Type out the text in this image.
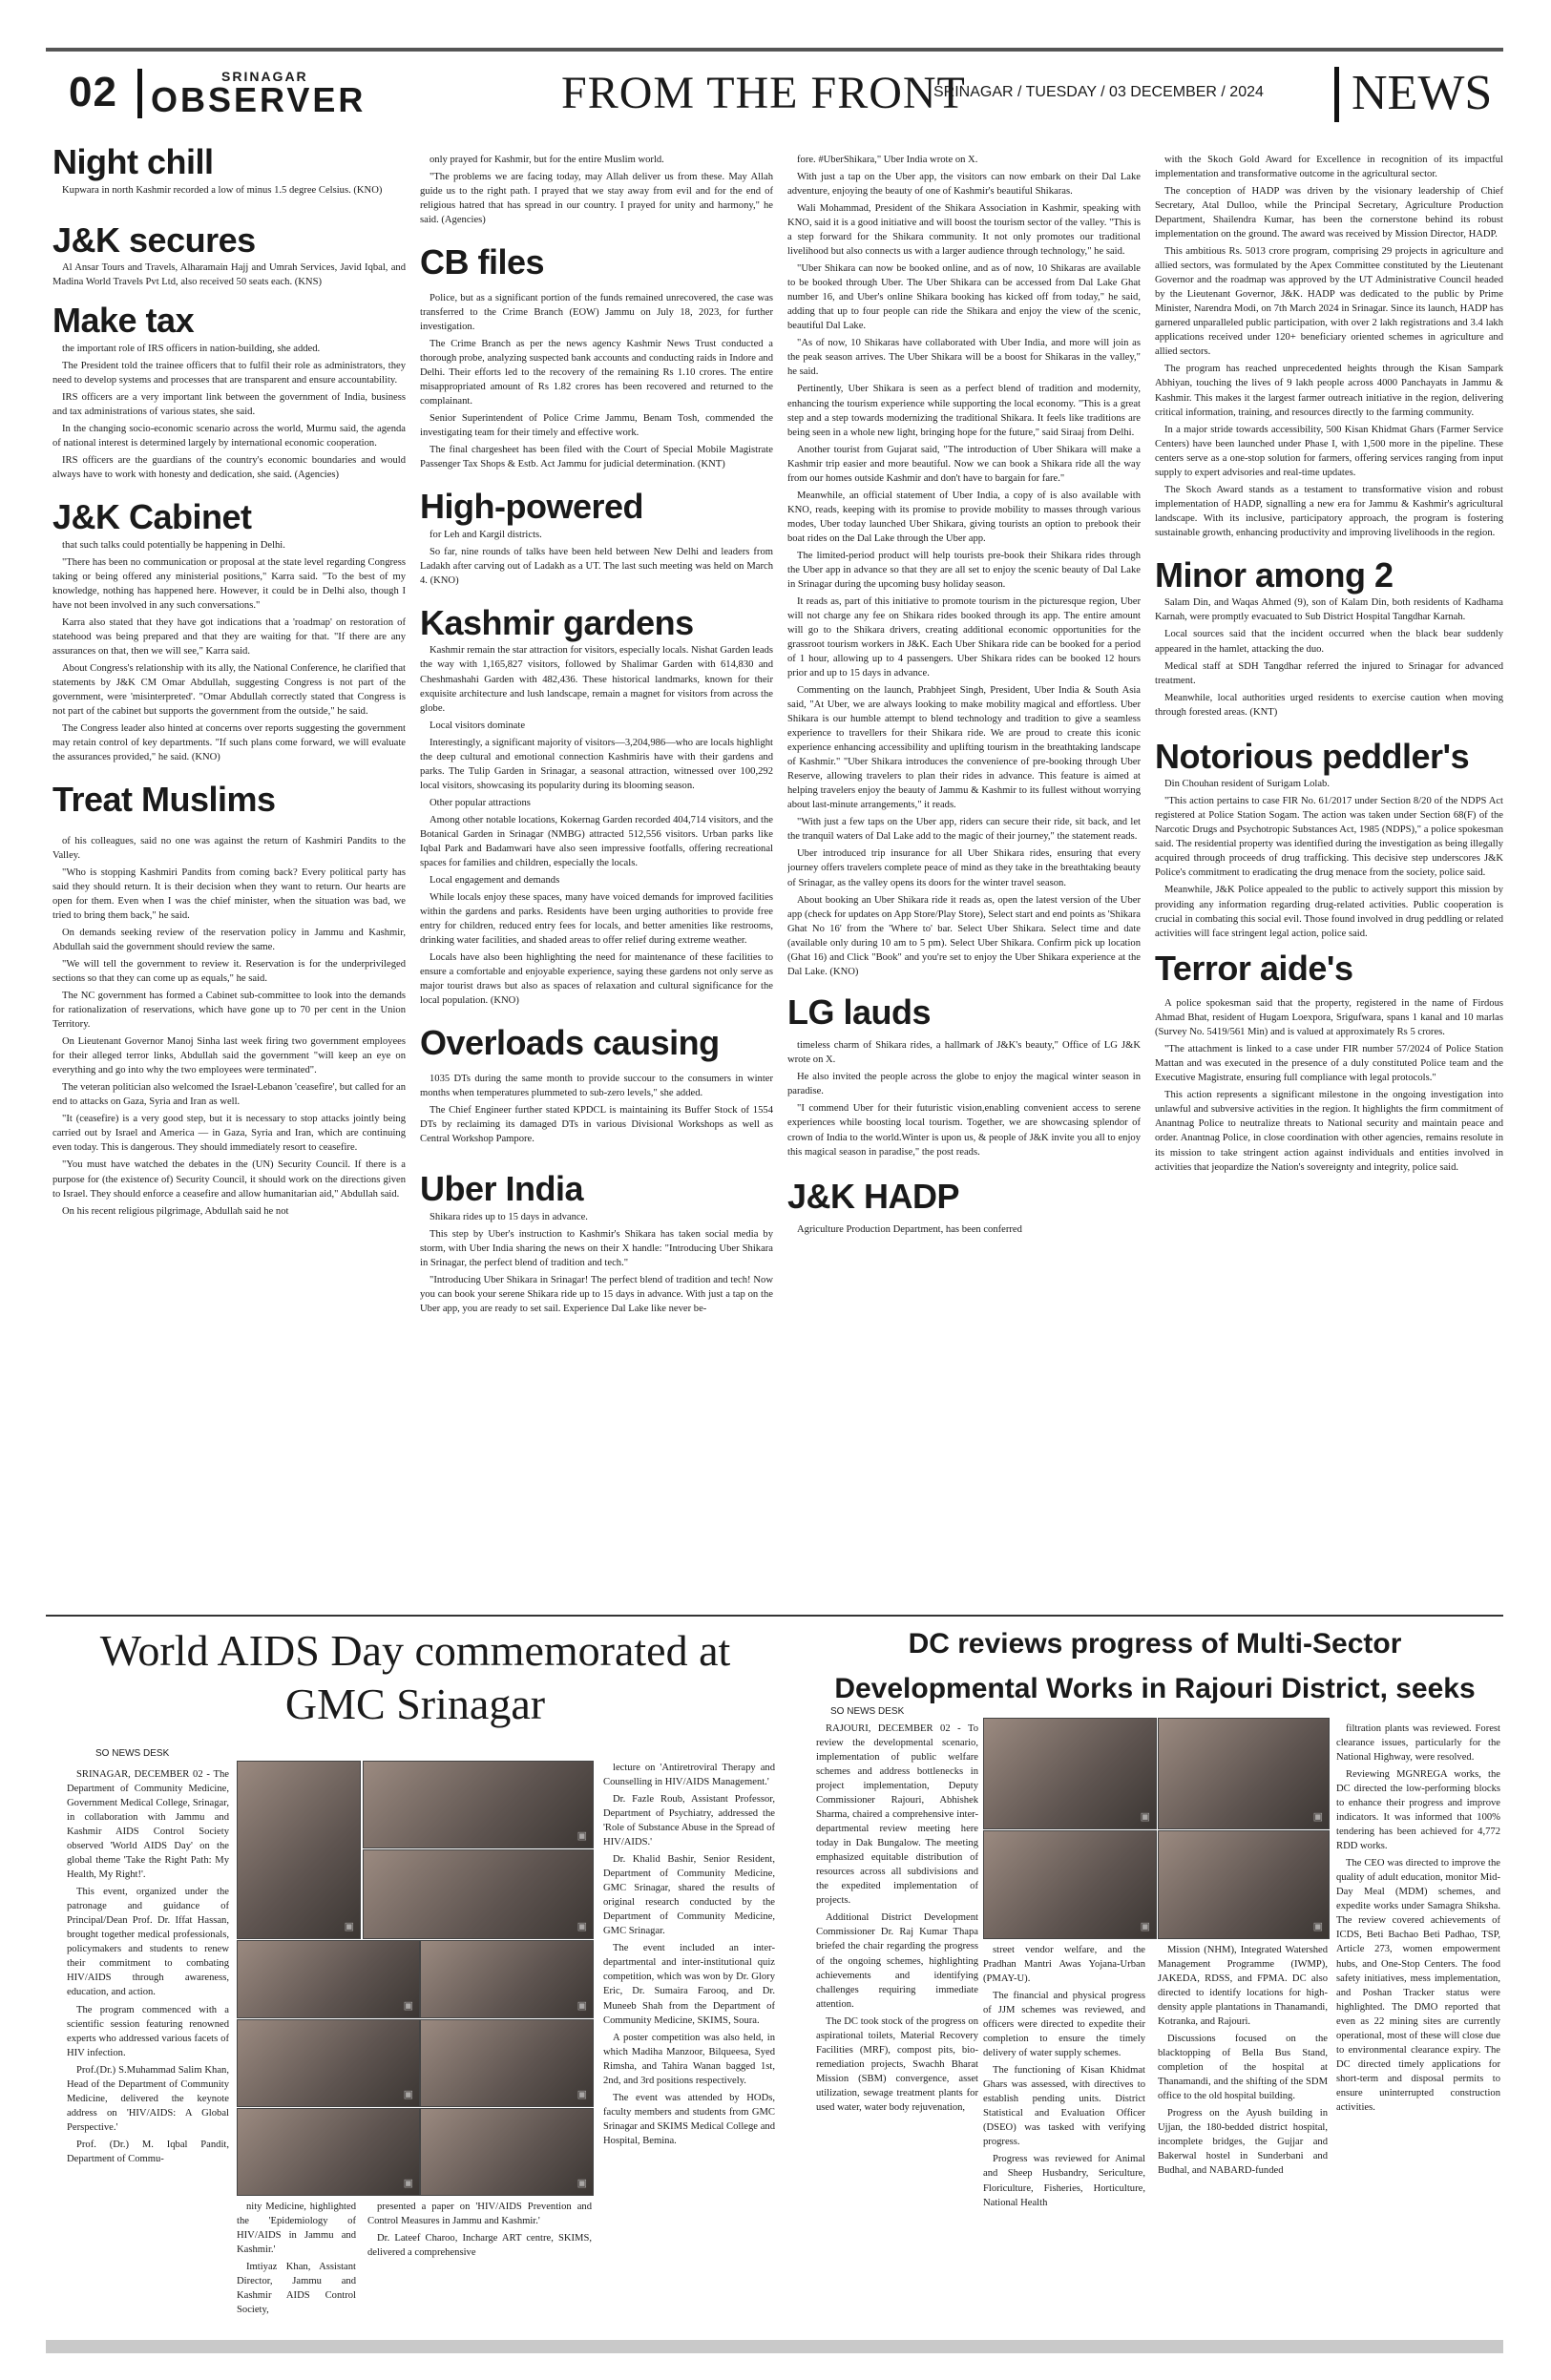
02	SRINAGAR
OBSERVER	FROM THE FRONT
SRINAGAR / TUESDAY / 03 DECEMBER / 2024 NEWS
Night chill

Kupwara in north Kashmir recorded a low of minus 1.5 degree Celsius. (KNO)

J&K secures

Al Ansar Tours and Travels, Alharamain Hajj and Umrah Services, Javid Iqbal, and Madina World Travels Pvt Ltd, also received 50 seats each. (KNS)

Make tax

the important role of IRS officers in nation-building, she added.

The President told the trainee officers that to fulfil their role as administrators, they need to develop systems and processes that are transparent and ensure accountability.

IRS officers are a very important link between the government of India, business and tax administrations of various states, she said.

In the changing socio-economic scenario across the world, Murmu said, the agenda of national interest is determined largely by international economic cooperation.

IRS officers are the guardians of the country's economic boundaries and would always have to work with honesty and dedication, she said. (Agencies)

J&K Cabinet

that such talks could potentially be happening in Delhi.

"There has been no communication or proposal at the state level regarding Congress taking or being offered any ministerial positions," Karra said. "To the best of my knowledge, nothing has happened here. However, it could be in Delhi also, though I have not been involved in any such conversations."

Karra also stated that they have got indications that a 'roadmap' on restoration of statehood was being prepared and that they are waiting for that. "If there are any assurances on that, then we will see," Karra said.

About Congress's relationship with its ally, the National Conference, he clarified that statements by J&K CM Omar Abdullah, suggesting Congress is not part of the government, were 'misinterpreted'. "Omar Abdullah correctly stated that Congress is not part of the cabinet but supports the government from the outside," he said.

The Congress leader also hinted at concerns over reports suggesting the government may retain control of key departments. "If such plans come forward, we will evaluate the assurances provided," he said. (KNO)

Treat Muslims

of his colleagues, said no one was against the return of Kashmiri Pandits to the Valley.

"Who is stopping Kashmiri Pandits from coming back? Every political party has said they should return. It is their decision when they want to return. Our hearts are open for them. Even when I was the chief minister, when the situation was bad, we tried to bring them back," he said.

On demands seeking review of the reservation policy in Jammu and Kashmir, Abdullah said the government should review the same.

"We will tell the government to review it. Reservation is for the underprivileged sections so that they can come up as equals," he said.

The NC government has formed a Cabinet sub-committee to look into the demands for rationalization of reservations, which have gone up to 70 per cent in the Union Territory.

On Lieutenant Governor Manoj Sinha last week firing two government employees for their alleged terror links, Abdullah said the government "will keep an eye on everything and go into why the two employees were terminated".

The veteran politician also welcomed the Israel-Lebanon 'ceasefire', but called for an end to attacks on Gaza, Syria and Iran as well.

"It (ceasefire) is a very good step, but it is necessary to stop attacks jointly being carried out by Israel and America — in Gaza, Syria and Iran, which are continuing even today. This is dangerous. They should immediately resort to ceasefire.

"You must have watched the debates in the (UN) Security Council. If there is a purpose for (the existence of) Security Council, it should work on the directions given to Israel. They should enforce a ceasefire and allow humanitarian aid," Abdullah said.

On his recent religious pilgrimage, Abdullah said he not

only prayed for Kashmir, but for the entire Muslim world.

"The problems we are facing today, may Allah deliver us from these. May Allah guide us to the right path. I prayed that we stay away from evil and for the end of religious hatred that has spread in our country. I prayed for unity and harmony," he said. (Agencies)

CB files

Police, but as a significant portion of the funds remained unrecovered, the case was transferred to the Crime Branch (EOW) Jammu on July 18, 2023, for further investigation.

The Crime Branch as per the news agency Kashmir News Trust conducted a thorough probe, analyzing suspected bank accounts and conducting raids in Indore and Delhi. Their efforts led to the recovery of the remaining Rs 1.10 crores. The entire misappropriated amount of Rs 1.82 crores has been recovered and returned to the complainant.

Senior Superintendent of Police Crime Jammu, Benam Tosh, commended the investigating team for their timely and effective work.

The final chargesheet has been filed with the Court of Special Mobile Magistrate Passenger Tax Shops & Estb. Act Jammu for judicial determination. (KNT)

High-powered

for Leh and Kargil districts.

So far, nine rounds of talks have been held between New Delhi and leaders from Ladakh after carving out of Ladakh as a UT. The last such meeting was held on March 4. (KNO)

Kashmir gardens

Kashmir remain the star attraction for visitors, especially locals. Nishat Garden leads the way with 1,165,827 visitors, followed by Shalimar Garden with 614,830 and Cheshmashahi Garden with 482,436. These historical landmarks, known for their exquisite architecture and lush landscape, remain a magnet for visitors from across the globe.

Local visitors dominate

Interestingly, a significant majority of visitors—3,204,986—who are locals highlight the deep cultural and emotional connection Kashmiris have with their gardens and parks. The Tulip Garden in Srinagar, a seasonal attraction, witnessed over 100,292 local visitors, showcasing its popularity during its blooming season.

Other popular attractions

Among other notable locations, Kokernag Garden recorded 404,714 visitors, and the Botanical Garden in Srinagar (NMBG) attracted 512,556 visitors. Urban parks like Iqbal Park and Badamwari have also seen impressive footfalls, offering recreational spaces for families and children, especially the locals.

Local engagement and demands

While locals enjoy these spaces, many have voiced demands for improved facilities within the gardens and parks. Residents have been urging authorities to provide free entry for children, reduced entry fees for locals, and better amenities like restrooms, drinking water facilities, and shaded areas to offer relief during extreme weather.

Locals have also been highlighting the need for maintenance of these facilities to ensure a comfortable and enjoyable experience, saying these gardens not only serve as major tourist draws but also as spaces of relaxation and cultural significance for the local population. (KNO)

Overloads causing

1035 DTs during the same month to provide succour to the consumers in winter months when temperatures plummeted to sub-zero levels," she added.

The Chief Engineer further stated KPDCL is maintaining its Buffer Stock of 1554 DTs by reclaiming its damaged DTs in various Divisional Workshops as well as Central Workshop Pampore.

Uber India

Shikara rides up to 15 days in advance.

This step by Uber's instruction to Kashmir's Shikara has taken social media by storm, with Uber India sharing the news on their X handle: "Introducing Uber Shikara in Srinagar, the perfect blend of tradition and tech."

"Introducing Uber Shikara in Srinagar! The perfect blend of tradition and tech! Now you can book your serene Shikara ride up to 15 days in advance. With just a tap on the Uber app, you are ready to set sail. Experience Dal Lake like never be-

fore. #UberShikara," Uber India wrote on X.

With just a tap on the Uber app, the visitors can now embark on their Dal Lake adventure, enjoying the beauty of one of Kashmir's beautiful Shikaras.

Wali Mohammad, President of the Shikara Association in Kashmir, speaking with KNO, said it is a good initiative and will boost the tourism sector of the valley. "This is a step forward for the Shikara community. It not only promotes our traditional livelihood but also connects us with a larger audience through technology," he said.

"Uber Shikara can now be booked online, and as of now, 10 Shikaras are available to be booked through Uber. The Uber Shikara can be accessed from Dal Lake Ghat number 16, and Uber's online Shikara booking has kicked off from today," he said, adding that up to four people can ride the Shikara and enjoy the view of the scenic, beautiful Dal Lake.

"As of now, 10 Shikaras have collaborated with Uber India, and more will join as the peak season arrives. The Uber Shikara will be a boost for Shikaras in the valley," he said.

Pertinently, Uber Shikara is seen as a perfect blend of tradition and modernity, enhancing the tourism experience while supporting the local economy. "This is a great step and a step towards modernizing the traditional Shikara. It feels like traditions are being seen in a whole new light, bringing hope for the future," said Siraaj from Delhi.

Another tourist from Gujarat said, "The introduction of Uber Shikara will make a Kashmir trip easier and more beautiful. Now we can book a Shikara ride all the way from our homes outside Kashmir and don't have to bargain for fare."

Meanwhile, an official statement of Uber India, a copy of is also available with KNO, reads, keeping with its promise to provide mobility to masses through various modes, Uber today launched Uber Shikara, giving tourists an option to prebook their boat rides on the Dal Lake through the Uber app.

The limited-period product will help tourists pre-book their Shikara rides through the Uber app in advance so that they are all set to enjoy the scenic beauty of Dal Lake in Srinagar during the upcoming busy holiday season.

It reads as, part of this initiative to promote tourism in the picturesque region, Uber will not charge any fee on Shikara rides booked through its app. The entire amount will go to the Shikara drivers, creating additional economic opportunities for the grassroot tourism workers in J&K. Each Uber Shikara ride can be booked for a period of 1 hour, allowing up to 4 passengers. Uber Shikara rides can be booked 12 hours prior and up to 15 days in advance.

Commenting on the launch, Prabhjeet Singh, President, Uber India & South Asia said, "At Uber, we are always looking to make mobility magical and effortless. Uber Shikara is our humble attempt to blend technology and tradition to give a seamless experience to travellers for their Shikara ride. We are proud to create this iconic experience enhancing accessibility and uplifting tourism in the breathtaking landscape of Kashmir." "Uber Shikara introduces the convenience of pre-booking through Uber Reserve, allowing travelers to plan their rides in advance. This feature is aimed at helping travelers enjoy the beauty of Jammu & Kashmir to its fullest without worrying about last-minute arrangements," it reads.

"With just a few taps on the Uber app, riders can secure their ride, sit back, and let the tranquil waters of Dal Lake add to the magic of their journey," the statement reads.

Uber introduced trip insurance for all Uber Shikara rides, ensuring that every journey offers travelers complete peace of mind as they take in the breathtaking beauty of Srinagar, as the valley opens its doors for the winter travel season.

About booking an Uber Shikara ride it reads as, open the latest version of the Uber app (check for updates on App Store/Play Store), Select start and end points as 'Shikara Ghat No 16' from the 'Where to' bar. Select Uber Shikara. Select time and date (available only during 10 am to 5 pm). Select Uber Shikara. Confirm pick up location (Ghat 16) and Click "Book" and you're set to enjoy the Uber Shikara experience at the Dal Lake. (KNO)

LG lauds

timeless charm of Shikara rides, a hallmark of J&K's beauty," Office of LG J&K wrote on X.

He also invited the people across the globe to enjoy the magical winter season in paradise.

"I commend Uber for their futuristic vision,enabling convenient access to serene experiences while boosting local tourism. Together, we are showcasing splendor of crown of India to the world.Winter is upon us, & people of J&K invite you all to enjoy this magical season in paradise," the post reads.

J&K HADP

Agriculture Production Department, has been conferred

with the Skoch Gold Award for Excellence in recognition of its impactful implementation and transformative outcome in the agricultural sector.

The conception of HADP was driven by the visionary leadership of Chief Secretary, Atal Dulloo, while the Principal Secretary, Agriculture Production Department, Shailendra Kumar, has been the cornerstone behind its robust implementation on the ground. The award was received by Mission Director, HADP.

This ambitious Rs. 5013 crore program, comprising 29 projects in agriculture and allied sectors, was formulated by the Apex Committee constituted by the Lieutenant Governor and the roadmap was approved by the UT Administrative Council headed by the Lieutenant Governor, J&K. HADP was dedicated to the public by Prime Minister, Narendra Modi, on 7th March 2024 in Srinagar. Since its launch, HADP has garnered unparalleled public participation, with over 2 lakh registrations and 3.4 lakh applications received under 120+ beneficiary oriented schemes in agriculture and allied sectors.

The program has reached unprecedented heights through the Kisan Sampark Abhiyan, touching the lives of 9 lakh people across 4000 Panchayats in Jammu & Kashmir. This makes it the largest farmer outreach initiative in the region, delivering critical information, training, and resources directly to the farming community.

In a major stride towards accessibility, 500 Kisan Khidmat Ghars (Farmer Service Centers) have been launched under Phase I, with 1,500 more in the pipeline. These centers serve as a one-stop solution for farmers, offering services ranging from input supply to expert advisories and real-time updates.

The Skoch Award stands as a testament to transformative vision and robust implementation of HADP, signalling a new era for Jammu & Kashmir's agricultural landscape. With its inclusive, participatory approach, the program is fostering sustainable growth, enhancing productivity and improving livelihoods in the region.

Minor among 2

Salam Din, and Waqas Ahmed (9), son of Kalam Din, both residents of Kadhama Karnah, were promptly evacuated to Sub District Hospital Tangdhar Karnah.

Local sources said that the incident occurred when the black bear suddenly appeared in the hamlet, attacking the duo.

Medical staff at SDH Tangdhar referred the injured to Srinagar for advanced treatment.

Meanwhile, local authorities urged residents to exercise caution when moving through forested areas. (KNT)

Notorious peddler's

Din Chouhan resident of Surigam Lolab.

"This action pertains to case FIR No. 61/2017 under Section 8/20 of the NDPS Act registered at Police Station Sogam. The action was taken under Section 68(F) of the Narcotic Drugs and Psychotropic Substances Act, 1985 (NDPS)," a police spokesman said. The residential property was identified during the investigation as being illegally acquired through proceeds of drug trafficking. This decisive step underscores J&K Police's commitment to eradicating the drug menace from the society, police said.

Meanwhile, J&K Police appealed to the public to actively support this mission by providing any information regarding drug-related activities. Public cooperation is crucial in combating this social evil. Those found involved in drug peddling or related activities will face stringent legal action, police said.

Terror aide's

A police spokesman said that the property, registered in the name of Firdous Ahmad Bhat, resident of Hugam Loexpora, Srigufwara, spans 1 kanal and 10 marlas (Survey No. 5419/561 Min) and is valued at approximately Rs 5 crores.

"The attachment is linked to a case under FIR number 57/2024 of Police Station Mattan and was executed in the presence of a duly constituted Police team and the Executive Magistrate, ensuring full compliance with legal protocols."

This action represents a significant milestone in the ongoing investigation into unlawful and subversive activities in the region. It highlights the firm commitment of Anantnag Police to neutralize threats to National security and maintain peace and order. Anantnag Police, in close coordination with other agencies, remains resolute in its mission to take stringent action against individuals and entities involved in activities that jeopardize the Nation's sovereignty and integrity, police said.

World AIDS Day commemorated at GMC Srinagar
SO NEWS DESK

SRINAGAR, DECEMBER 02 - The Department of Community Medicine, Government Medical College, Srinagar, in collaboration with Jammu and Kashmir AIDS Control Society observed 'World AIDS Day' on the global theme 'Take the Right Path: My Health, My Right!'.

This event, organized under the patronage and guidance of Principal/Dean Prof. Dr. Iffat Hassan, brought together medical professionals, policymakers and students to renew their commitment to combating HIV/AIDS through awareness, education, and action.

The program commenced with a scientific session featuring renowned experts who addressed various facets of HIV infection.

Prof.(Dr.) S.Muhammad Salim Khan, Head of the Department of Community Medicine, delivered the keynote address on 'HIV/AIDS: A Global Perspective.'

Prof. (Dr.) M. Iqbal Pandit, Department of Commu-

▣
▣
▣
▣	▣
▣	▣
▣	▣

nity Medicine, highlighted the 'Epidemiology of HIV/AIDS in Jammu and Kashmir.'

Imtiyaz Khan, Assistant Director, Jammu and Kashmir AIDS Control Society,

presented a paper on 'HIV/AIDS Prevention and Control Measures in Jammu and Kashmir.'

Dr. Lateef Charoo, Incharge ART centre, SKIMS, delivered a comprehensive

lecture on 'Antiretroviral Therapy and Counselling in HIV/AIDS Management.'

Dr. Fazle Roub, Assistant Professor, Department of Psychiatry, addressed the 'Role of Substance Abuse in the Spread of HIV/AIDS.'

Dr. Khalid Bashir, Senior Resident, Department of Community Medicine, GMC Srinagar, shared the results of original research conducted by the Department of Community Medicine, GMC Srinagar.

The event included an inter-departmental and inter-institutional quiz competition, which was won by Dr. Glory Eric, Dr. Sumaira Farooq, and Dr. Muneeb Shah from the Department of Community Medicine, SKIMS, Soura.

A poster competition was also held, in which Madiha Manzoor, Bilqueesa, Syed Rimsha, and Tahira Wanan bagged 1st, 2nd, and 3rd positions respectively.

The event was attended by HODs, faculty members and students from GMC Srinagar and SKIMS Medical College and Hospital, Bemina.

DC reviews progress of Multi-Sector Developmental Works in Rajouri District, seeks
SO NEWS DESK

RAJOURI, DECEMBER 02 - To review the developmental scenario, implementation of public welfare schemes and address bottlenecks in project implementation, Deputy Commissioner Rajouri, Abhishek Sharma, chaired a comprehensive inter-departmental review meeting here today in Dak Bungalow. The meeting emphasized equitable distribution of resources across all subdivisions and the expedited implementation of projects.

Additional District Development Commissioner Dr. Raj Kumar Thapa briefed the chair regarding the progress of the ongoing schemes, highlighting achievements and identifying challenges requiring immediate attention.

The DC took stock of the progress on aspirational toilets, Material Recovery Facilities (MRF), compost pits, bio-remediation projects, Swachh Bharat Mission (SBM) convergence, asset utilization, sewage treatment plants for used water, water body rejuvenation,

▣	▣
▣	▣

street vendor welfare, and the Pradhan Mantri Awas Yojana-Urban (PMAY-U).

The financial and physical progress of JJM schemes was reviewed, and officers were directed to expedite their completion to ensure the timely delivery of water supply schemes.

The functioning of Kisan Khidmat Ghars was assessed, with directives to establish pending units. District Statistical and Evaluation Officer (DSEO) was tasked with verifying progress.

Progress was reviewed for Animal and Sheep Husbandry, Sericulture, Floriculture, Fisheries, Horticulture, National Health

Mission (NHM), Integrated Watershed Management Programme (IWMP), JAKEDA, RDSS, and FPMA. DC also directed to identify locations for high-density apple plantations in Thanamandi, Kotranka, and Rajouri.

Discussions focused on the blacktopping of Bella Bus Stand, completion of the hospital at Thanamandi, and the shifting of the SDM office to the old hospital building.

Progress on the Ayush building in Ujjan, the 180-bedded district hospital, incomplete bridges, the Gujjar and Bakerwal hostel in Sunderbani and Budhal, and NABARD-funded

filtration plants was reviewed. Forest clearance issues, particularly for the National Highway, were resolved.

Reviewing MGNREGA works, the DC directed the low-performing blocks to enhance their progress and improve indicators. It was informed that 100% tendering has been achieved for 4,772 RDD works.

The CEO was directed to improve the quality of adult education, monitor Mid-Day Meal (MDM) schemes, and expedite works under Samagra Shiksha. The review covered achievements of ICDS, Beti Bachao Beti Padhao, TSP, Article 273, women empowerment hubs, and One-Stop Centers. The food safety initiatives, mess implementation, and Poshan Tracker status were highlighted. The DMO reported that even as 22 mining sites are currently operational, most of these will close due to environmental clearance expiry. The DC directed timely applications for short-term and disposal permits to ensure uninterrupted construction activities.
